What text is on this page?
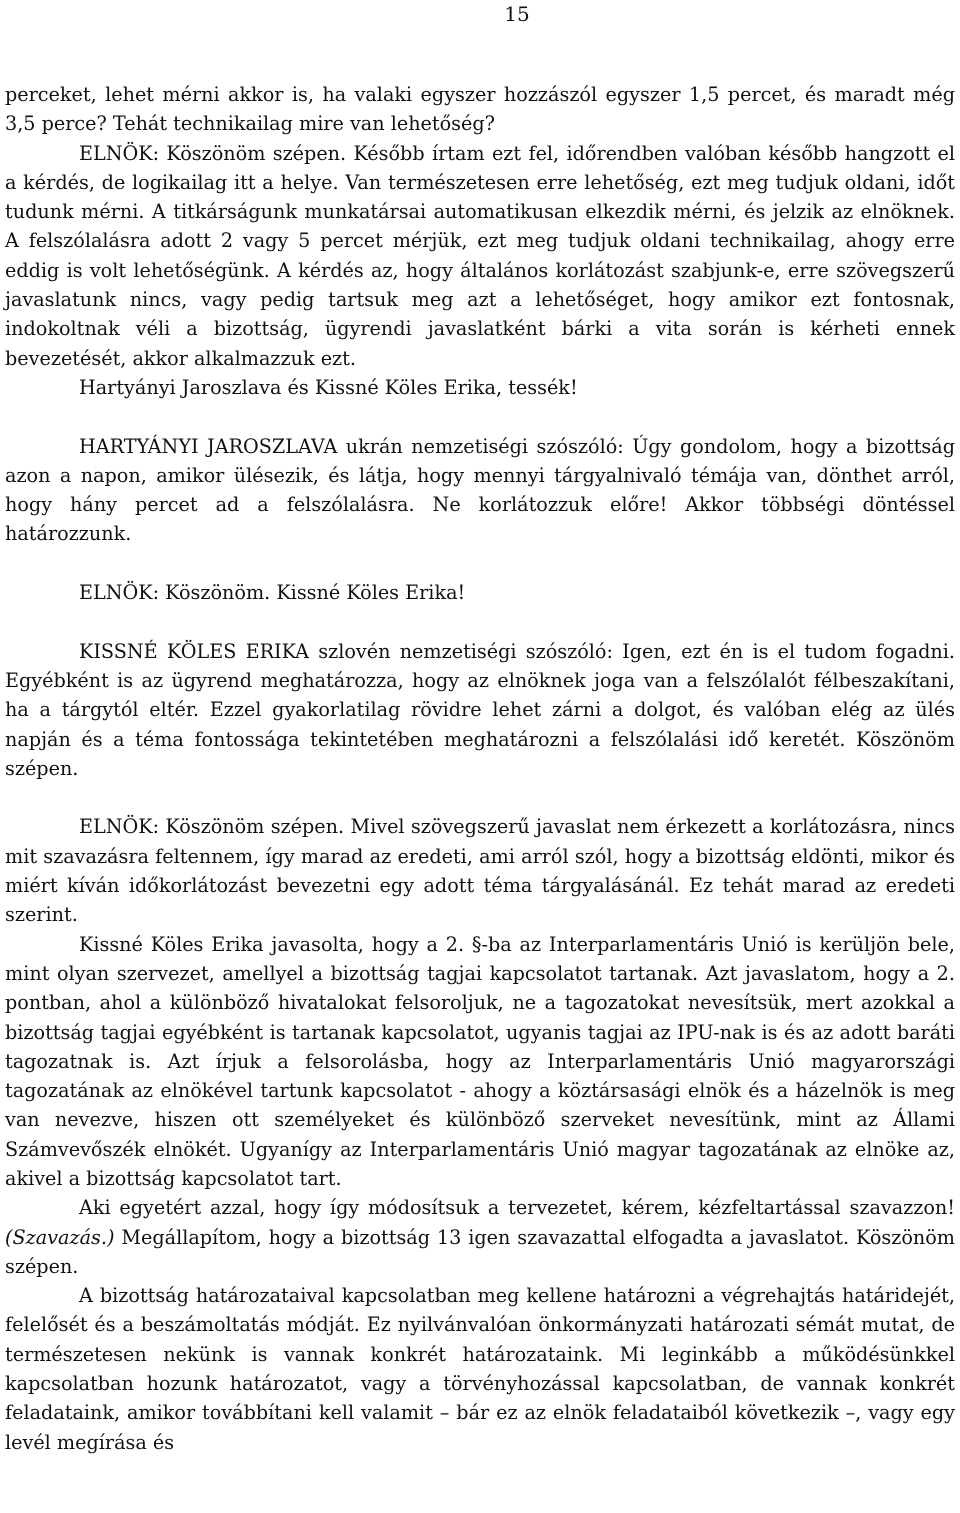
15

perceket, lehet mérni akkor is, ha valaki egyszer hozzászól egyszer 1,5 percet, és maradt még 3,5 perce? Tehát technikailag mire van lehetőség?

ELNÖK: Köszönöm szépen. Később írtam ezt fel, időrendben valóban később hangzott el a kérdés, de logikailag itt a helye. Van természetesen erre lehetőség, ezt meg tudjuk oldani, időt tudunk mérni. A titkárságunk munkatársai automatikusan elkezdik mérni, és jelzik az elnöknek. A felszólalásra adott 2 vagy 5 percet mérjük, ezt meg tudjuk oldani technikailag, ahogy erre eddig is volt lehetőségünk. A kérdés az, hogy általános korlátozást szabjunk-e, erre szövegszerű javaslatunk nincs, vagy pedig tartsuk meg azt a lehetőséget, hogy amikor ezt fontosnak, indokoltnak véli a bizottság, ügyrendi javaslatként bárki a vita során is kérheti ennek bevezetését, akkor alkalmazzuk ezt.

Hartyányi Jaroszlava és Kissné Köles Erika, tessék!

HARTYÁNYI JAROSZLAVA ukrán nemzetiségi szószóló: Úgy gondolom, hogy a bizottság azon a napon, amikor ülésezik, és látja, hogy mennyi tárgyalnivaló témája van, dönthet arról, hogy hány percet ad a felszólalásra. Ne korlátozzuk előre! Akkor többségi döntéssel határozzunk.

ELNÖK: Köszönöm. Kissné Köles Erika!

KISSNÉ KÖLES ERIKA szlovén nemzetiségi szószóló: Igen, ezt én is el tudom fogadni. Egyébként is az ügyrend meghatározza, hogy az elnöknek joga van a felszólalót félbeszakítani, ha a tárgytól eltér. Ezzel gyakorlatilag rövidre lehet zárni a dolgot, és valóban elég az ülés napján és a téma fontossága tekintetében meghatározni a felszólalási idő keretét. Köszönöm szépen.

ELNÖK: Köszönöm szépen. Mivel szövegszerű javaslat nem érkezett a korlátozásra, nincs mit szavazásra feltennem, így marad az eredeti, ami arról szól, hogy a bizottság eldönti, mikor és miért kíván időkorlátozást bevezetni egy adott téma tárgyalásánál. Ez tehát marad az eredeti szerint.

Kissné Köles Erika javasolta, hogy a 2. §-ba az Interparlamentáris Unió is kerüljön bele, mint olyan szervezet, amellyel a bizottság tagjai kapcsolatot tartanak. Azt javaslatom, hogy a 2. pontban, ahol a különböző hivatalokat felsoroljuk, ne a tagozatokat nevesítsük, mert azokkal a bizottság tagjai egyébként is tartanak kapcsolatot, ugyanis tagjai az IPU-nak is és az adott baráti tagozatnak is. Azt írjuk a felsorolásba, hogy az Interparlamentáris Unió magyarországi tagozatának az elnökével tartunk kapcsolatot - ahogy a köztársasági elnök és a házelnök is meg van nevezve, hiszen ott személyeket és különböző szerveket nevesítünk, mint az Állami Számvevőszék elnökét. Ugyanígy az Interparlamentáris Unió magyar tagozatának az elnöke az, akivel a bizottság kapcsolatot tart.

Aki egyetért azzal, hogy így módosítsuk a tervezetet, kérem, kézfeltartással szavazzon! (Szavazás.) Megállapítom, hogy a bizottság 13 igen szavazattal elfogadta a javaslatot. Köszönöm szépen.

A bizottság határozataival kapcsolatban meg kellene határozni a végrehajtás határidejét, felelősét és a beszámoltatás módját. Ez nyilvánvalóan önkormányzati határozati sémát mutat, de természetesen nekünk is vannak konkrét határozataink. Mi leginkább a működésünkkel kapcsolatban hozunk határozatot, vagy a törvényhozással kapcsolatban, de vannak konkrét feladataink, amikor továbbítani kell valamit – bár ez az elnök feladataiból következik –, vagy egy levél megírása és
